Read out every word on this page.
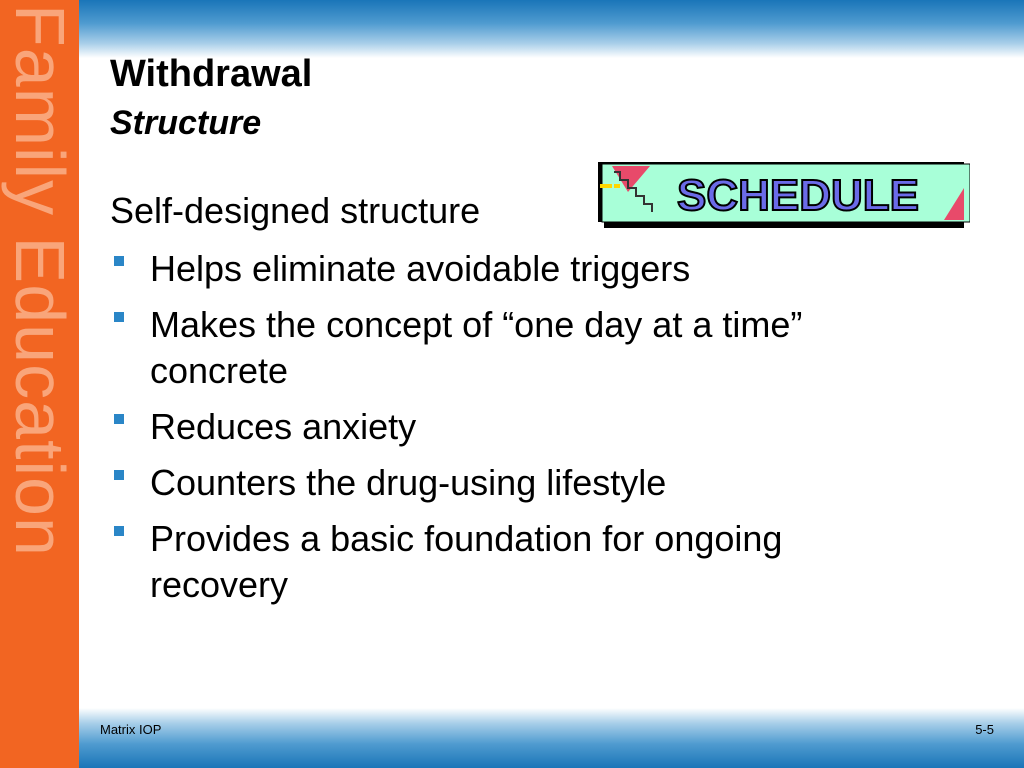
Family Education Withdrawal
Structure
Self-designed structure
Helps eliminate avoidable triggers
Makes the concept of “one day at a time” concrete
Reduces anxiety
Counters the drug-using lifestyle
Provides a basic foundation for ongoing recovery
SCHEDULE
Matrix IOP	5-5
